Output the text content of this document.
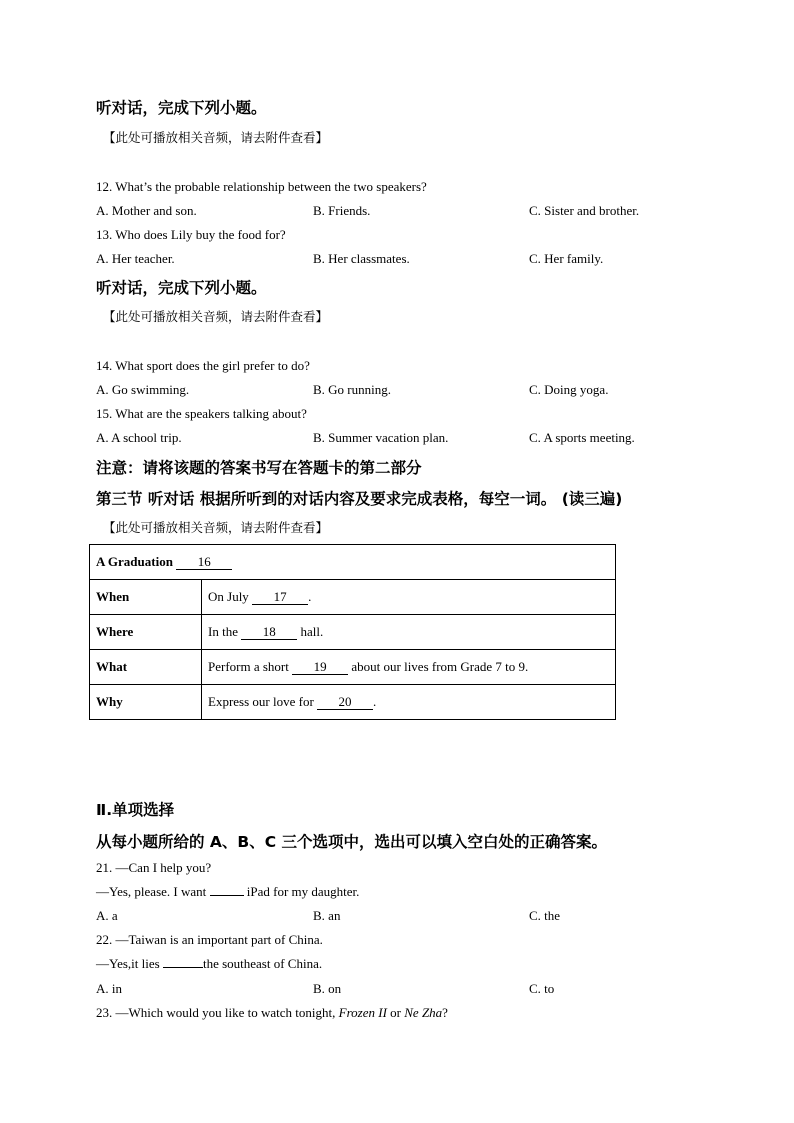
听对话，完成下列小题。
【此处可播放相关音频，请去附件查看】
12. What’s the probable relationship between the two speakers?
A. Mother and son.	B. Friends.	C. Sister and brother.
13. Who does Lily buy the food for?
A. Her teacher.	B. Her classmates.	C. Her family.
听对话，完成下列小题。
【此处可播放相关音频，请去附件查看】
14. What sport does the girl prefer to do?
A. Go swimming.	B. Go running.	C. Doing yoga.
15. What are the speakers talking about?
A. A school trip.	B. Summer vacation plan.	C. A sports meeting.
注意：请将该题的答案书写在答题卡的第二部分
第三节 听对话 根据所听到的对话内容及要求完成表格，每空一词。 (读三遍)
【此处可播放相关音频，请去附件查看】
A Graduation 16	
When	On July 17 .
Where	In the 18 hall.
What	Perform a short 19 about our lives from Grade 7 to 9.
Why	Express our love for 20 .
Ⅱ.单项选择
从每小题所给的 A、B、C 三个选项中，选出可以填入空白处的正确答案。
21. —Can I help you?
—Yes, please. I want	iPad for my daughter.
A. a	B. an	C. the
22. —Taiwan is an important part of China.
—Yes,it lies	the southeast of China.
A. in	B. on	C. to
23. —Which would you like to watch tonight, Frozen II or Ne Zha?
